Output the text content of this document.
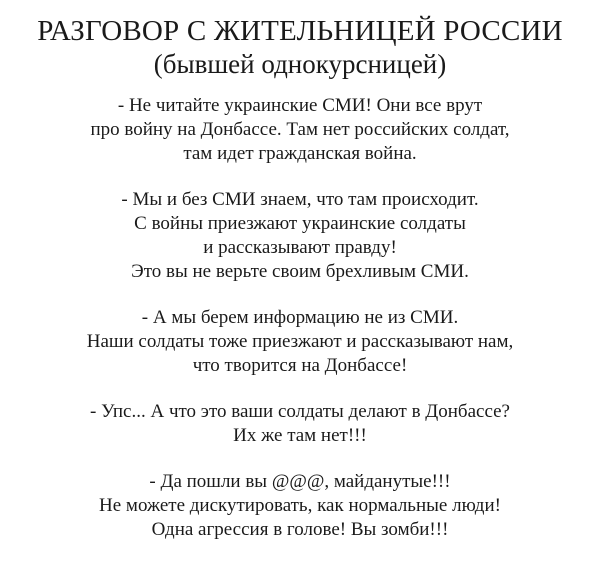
РАЗГОВОР С ЖИТЕЛЬНИЦЕЙ РОССИИ
(бывшей однокурсницей)

- Не читайте украинские СМИ! Они все врут
про войну на Донбассе. Там нет российских солдат,
там идет гражданская война.

- Мы и без СМИ знаем, что там происходит.
С войны приезжают украинские солдаты
и рассказывают правду!
Это вы не верьте своим брехливым СМИ.

- А мы берем информацию не из СМИ.
Наши солдаты тоже приезжают и рассказывают нам,
что творится на Донбассе!

- Упс... А что это ваши солдаты делают в Донбассе?
Их же там нет!!!

- Да пошли вы @@@, майданутые!!!
Не можете дискутировать, как нормальные люди!
Одна агрессия в голове! Вы зомби!!!
